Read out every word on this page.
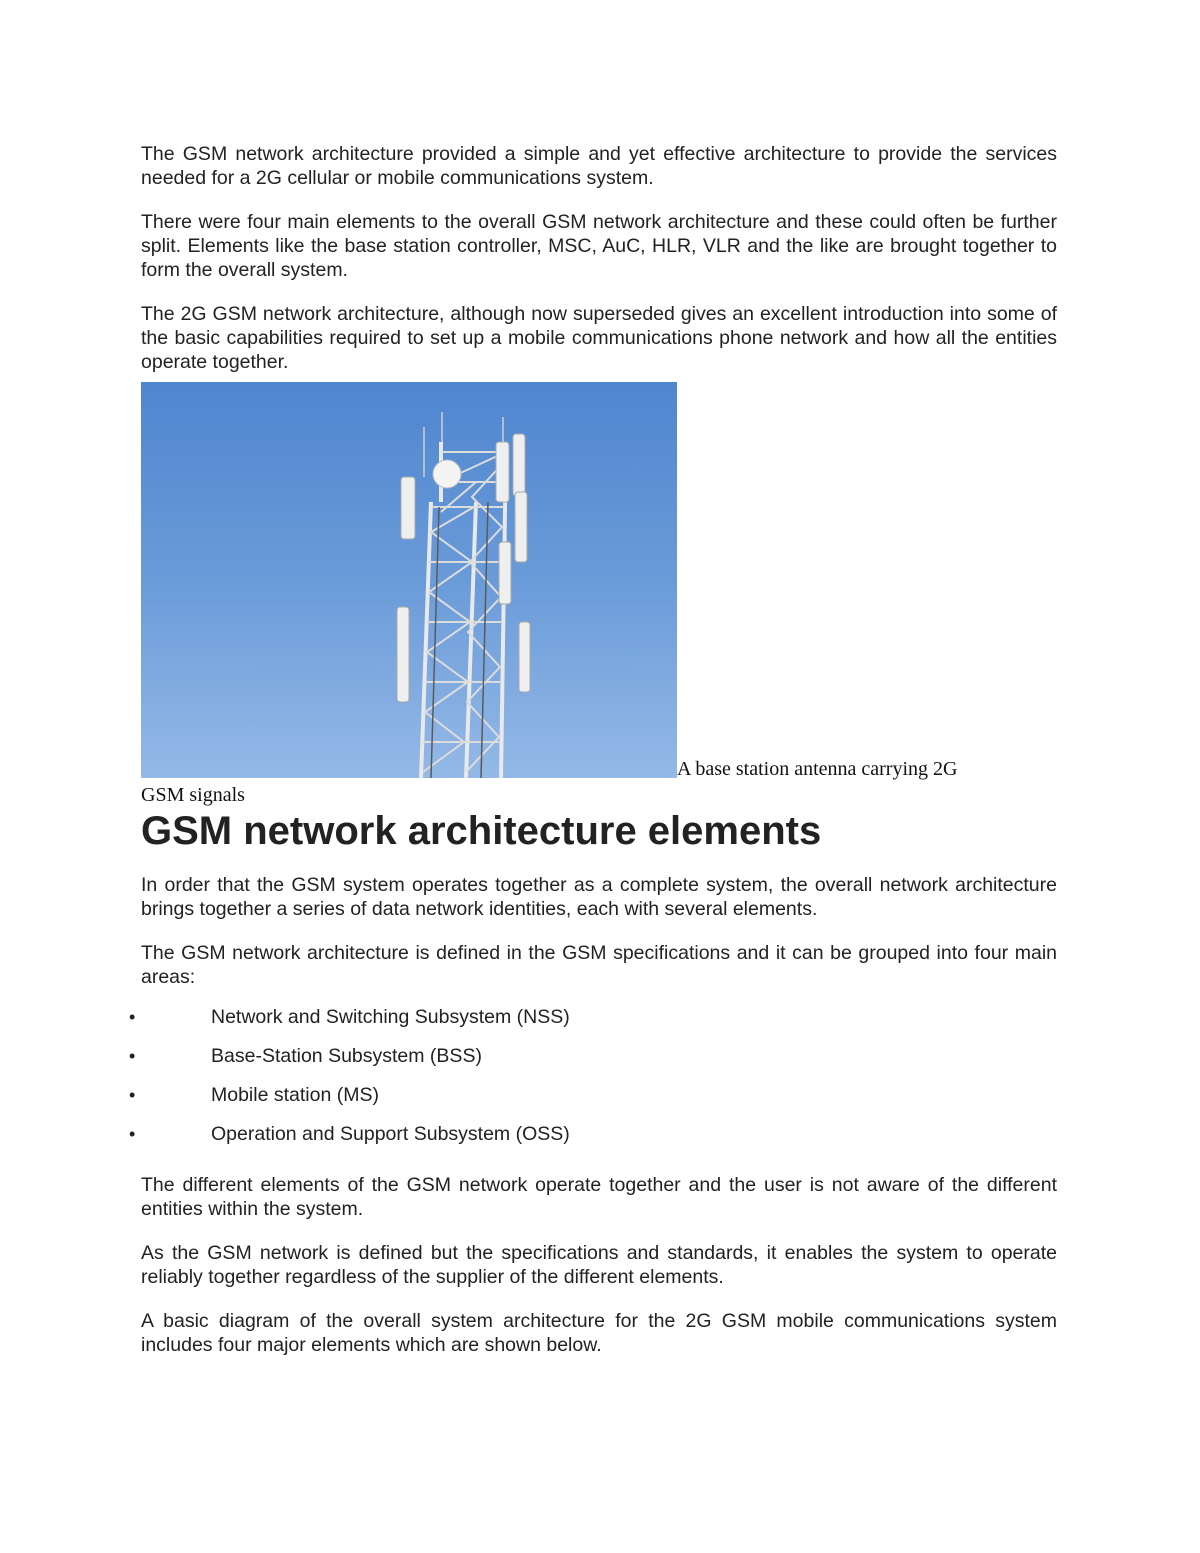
The GSM network architecture provided a simple and yet effective architecture to provide the services needed for a 2G cellular or mobile communications system.

There were four main elements to the overall GSM network architecture and these could often be further split. Elements like the base station controller, MSC, AuC, HLR, VLR and the like are brought together to form the overall system.

The 2G GSM network architecture, although now superseded gives an excellent introduction into some of the basic capabilities required to set up a mobile communications phone network and how all the entities operate together.

A base station antenna carrying 2G
GSM signals
GSM network architecture elements

In order that the GSM system operates together as a complete system, the overall network architecture brings together a series of data network identities, each with several elements.

The GSM network architecture is defined in the GSM specifications and it can be grouped into four main areas:

•	Network and Switching Subsystem (NSS)
•	Base-Station Subsystem (BSS)
•	Mobile station (MS)
•	Operation and Support Subsystem (OSS)

The different elements of the GSM network operate together and the user is not aware of the different entities within the system.

As the GSM network is defined but the specifications and standards, it enables the system to operate reliably together regardless of the supplier of the different elements.

A basic diagram of the overall system architecture for the 2G GSM mobile communications system includes four major elements which are shown below.
